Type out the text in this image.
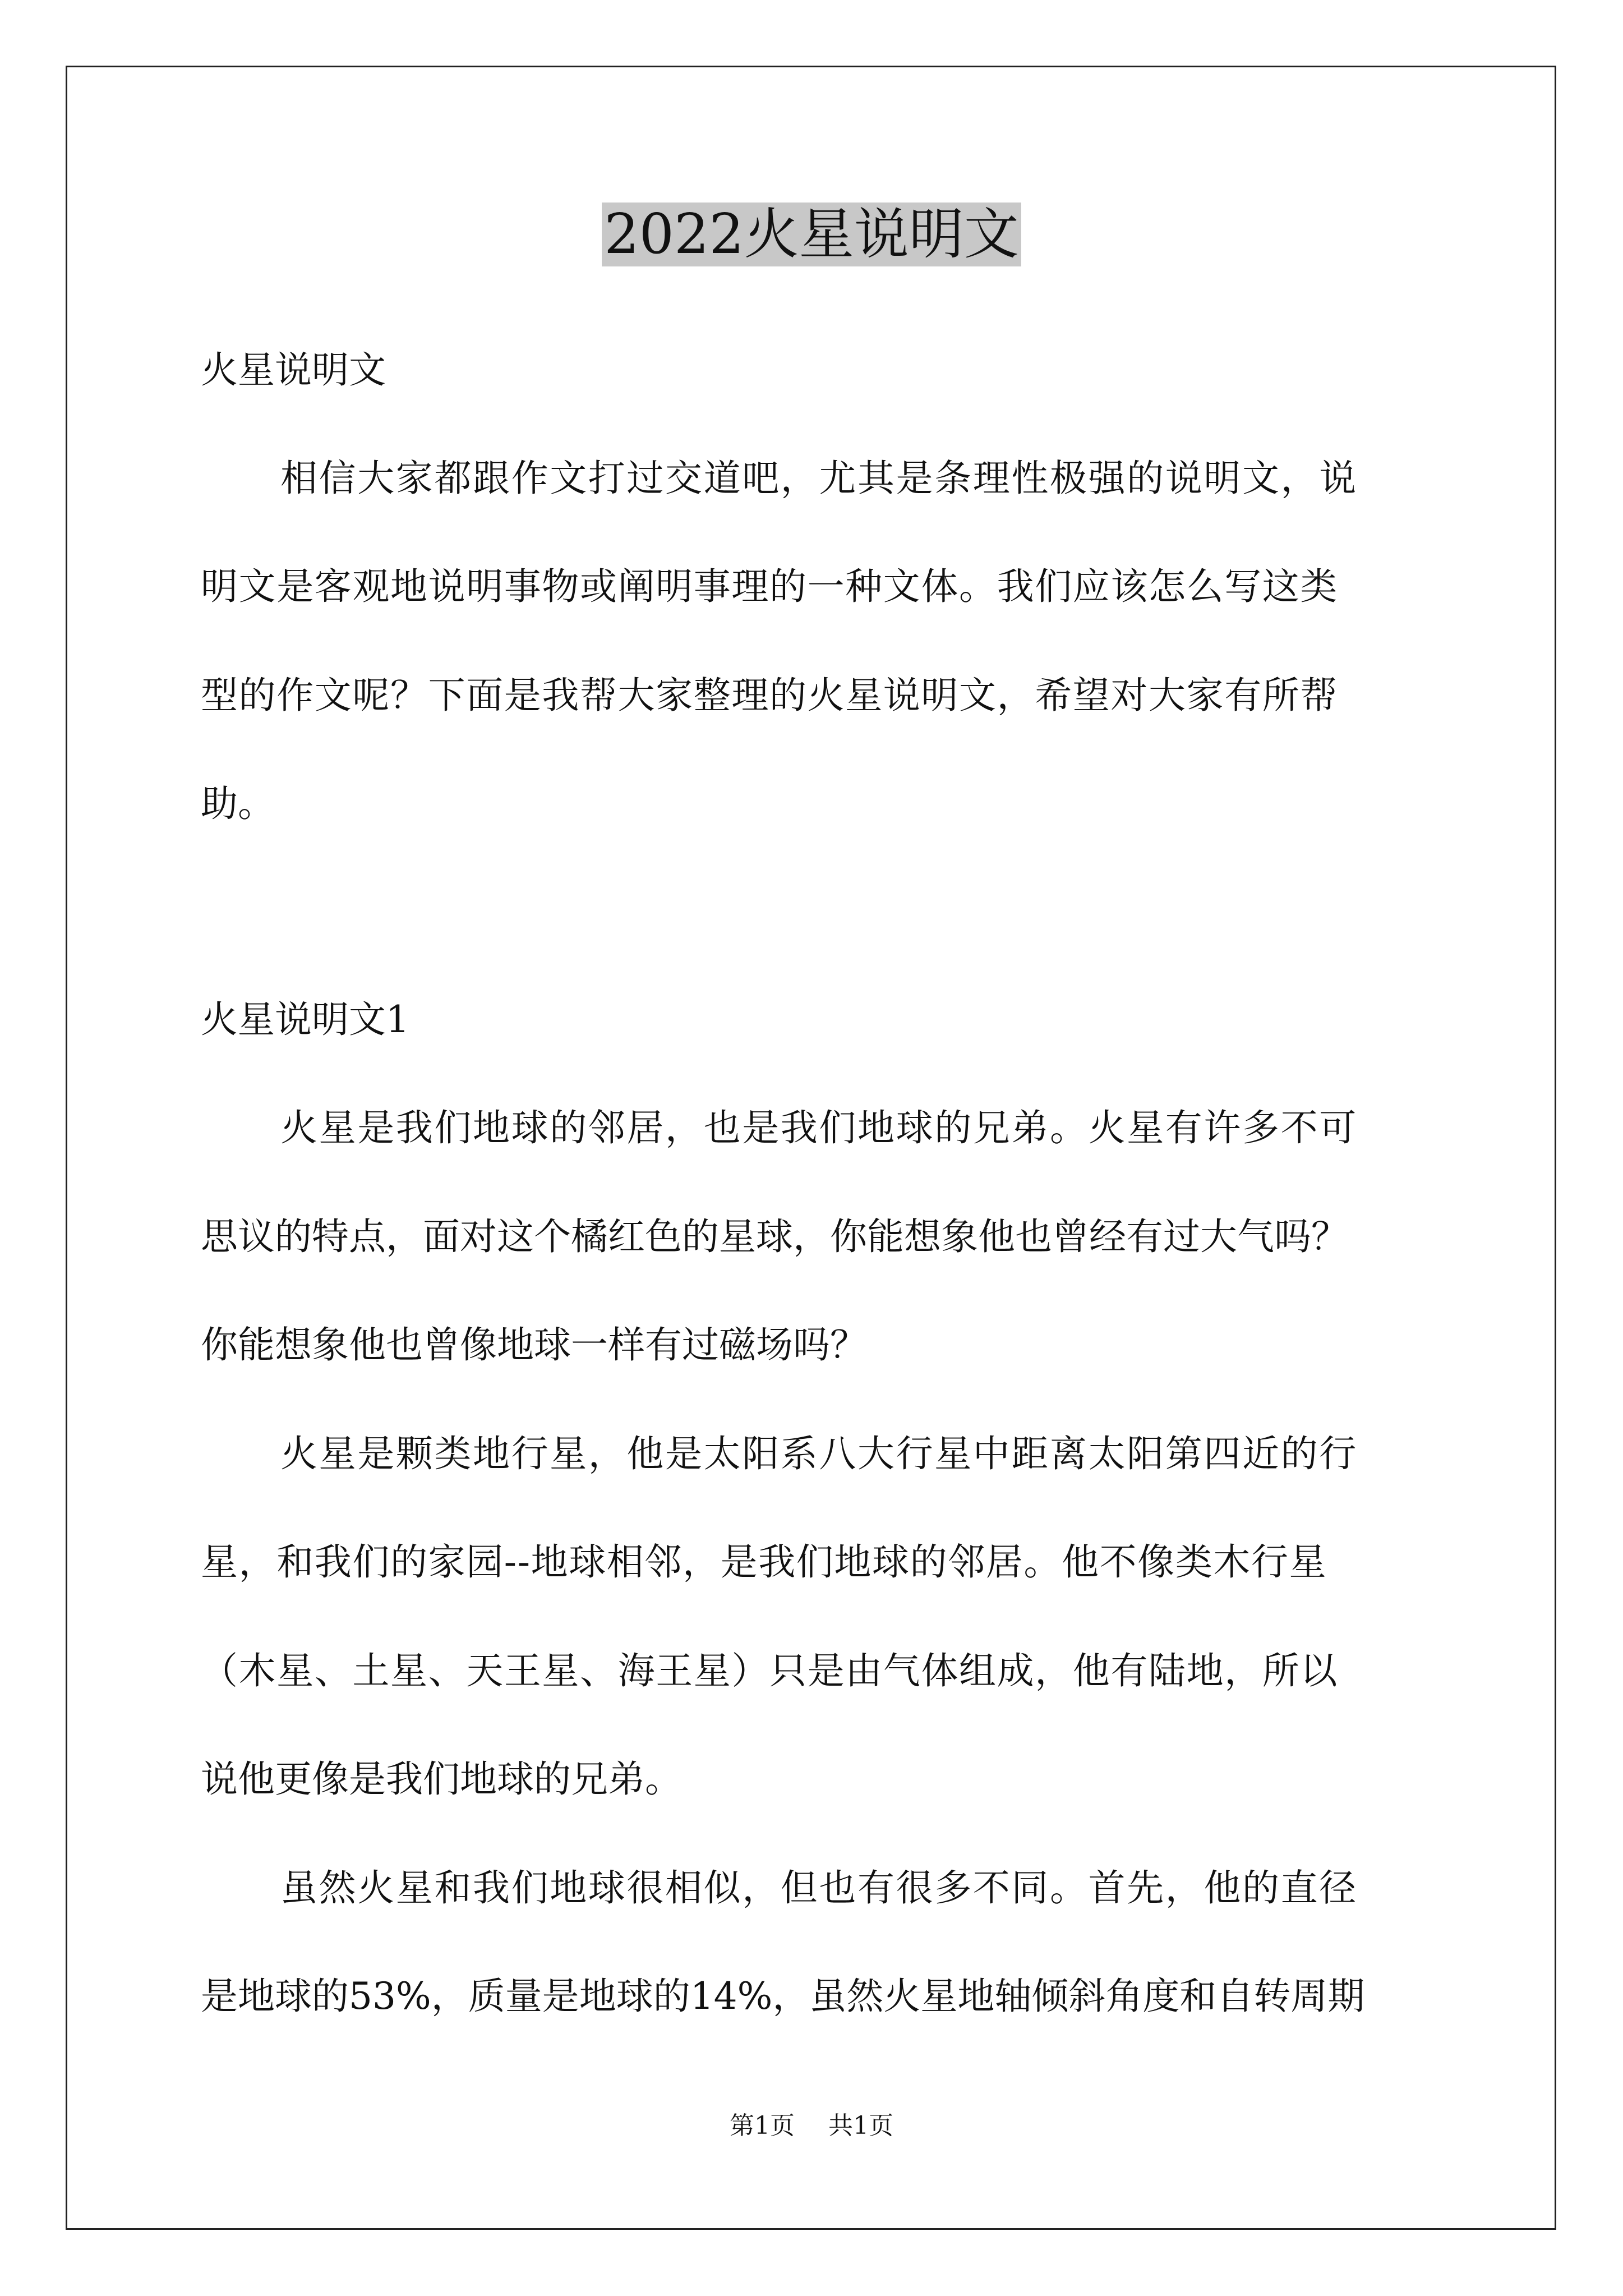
2022火星说明文
火星说明文
相信大家都跟作文打过交道吧，尤其是条理性极强的说明文，说
明文是客观地说明事物或阐明事理的一种文体。我们应该怎么写这类
型的作文呢？下面是我帮大家整理的火星说明文，希望对大家有所帮
助。
火星说明文1
火星是我们地球的邻居，也是我们地球的兄弟。火星有许多不可
思议的特点，面对这个橘红色的星球，你能想象他也曾经有过大气吗？
你能想象他也曾像地球一样有过磁场吗？
火星是颗类地行星，他是太阳系八大行星中距离太阳第四近的行
星，和我们的家园--地球相邻，是我们地球的邻居。他不像类木行星
（木星、土星、天王星、海王星）只是由气体组成，他有陆地，所以
说他更像是我们地球的兄弟。
虽然火星和我们地球很相似，但也有很多不同。首先，他的直径
是地球的53%，质量是地球的14%，虽然火星地轴倾斜角度和自转周期
第1页 共1页
